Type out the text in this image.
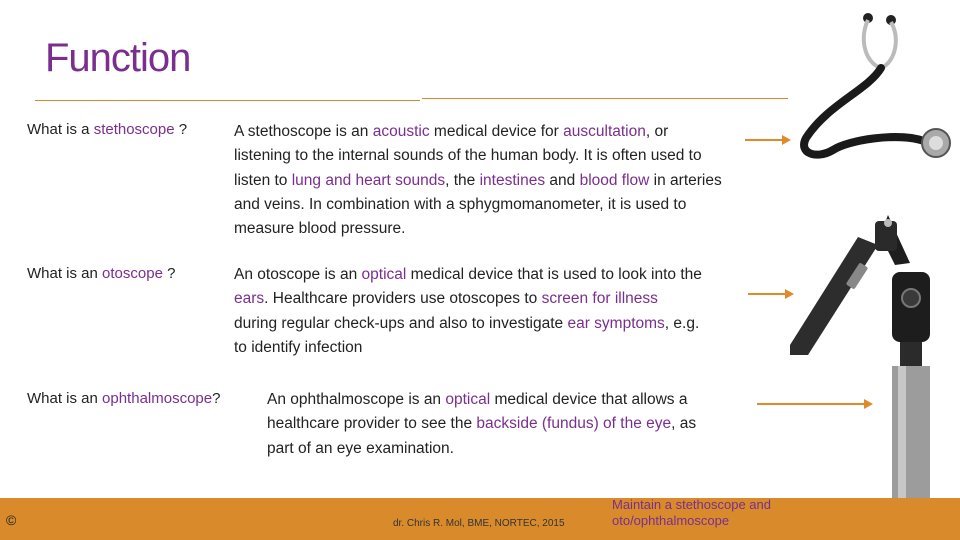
Function
What is a stethoscope ?	A stethoscope is an acoustic medical device for auscultation, or listening to the internal sounds of the human body. It is often used to listen to lung and heart sounds, the intestines and blood flow in arteries and veins. In combination with a sphygmomanometer, it is used to measure blood pressure.
What is an otoscope ?	An otoscope is an optical medical device that is used to look into the ears. Healthcare providers use otoscopes to screen for illness during regular check-ups and also to investigate ear symptoms, e.g. to identify infection
What is an ophthalmoscope?	An ophthalmoscope is an optical medical device that allows a healthcare provider to see the backside (fundus) of the eye, as part of an eye examination.
©	dr. Chris R. Mol, BME, NORTEC, 2015
Maintain a stethoscope and
oto/ophthalmoscope
